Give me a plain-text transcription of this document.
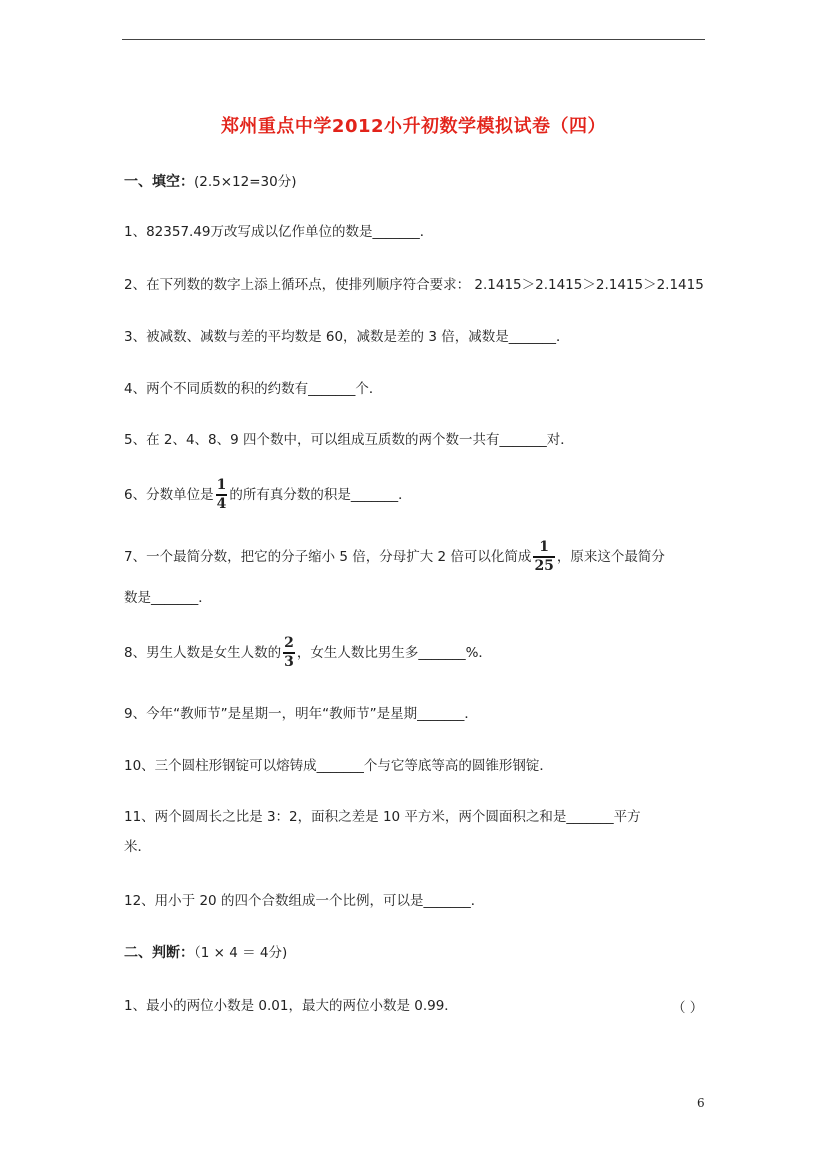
郑州重点中学2012小升初数学模拟试卷（四）
一、填空：(2.5×12=30分)
1、82357.49万改写成以亿作单位的数是_______．
2、在下列数的数字上添上循环点，使排列顺序符合要求： 2.1415＞2.1415＞2.1415＞2.1415
3、被减数、减数与差的平均数是 60，减数是差的 3 倍，减数是_______．
4、两个不同质数的积的约数有_______个．
5、在 2、4、8、9 四个数中，可以组成互质数的两个数一共有_______对．
6、分数单位是 $\frac{1}{4}$ 的所有真分数的积是_______．
7、一个最简分数，把它的分子缩小 5 倍，分母扩大 2 倍可以化简成 $\frac{1}{25}$ ，原来这个最简分
数是_______．
8、男生人数是女生人数的 $\frac{2}{3}$ ，女生人数比男生多_______%．
9、今年“教师节”是星期一，明年“教师节”是星期_______．
10、三个圆柱形钢锭可以熔铸成_______个与它等底等高的圆锥形钢锭．
11、两个圆周长之比是 3：2，面积之差是 10 平方米，两个圆面积之和是_______平方
米．
12、用小于 20 的四个合数组成一个比例，可以是_______．
二、判断：（1 × 4 ＝ 4分)
1、最小的两位小数是 0.01，最大的两位小数是 0.99．	（ ）
6
